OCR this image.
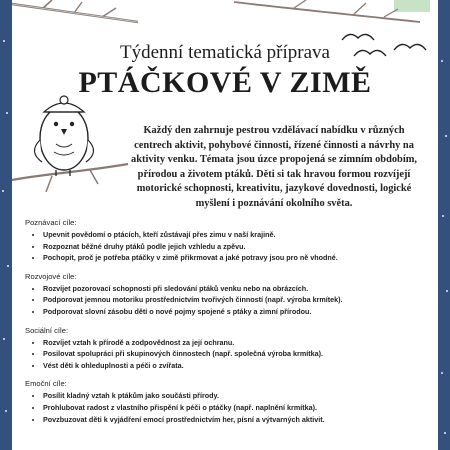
Týdenní tematická příprava

PTÁČKOVÉ V ZIMĚ

Každý den zahrnuje pestrou vzdělávací nabídku v různých centrech aktivit, pohybové činnosti, řízené činnosti a návrhy na aktivity venku. Témata jsou úzce propojená se zimním obdobím, přírodou a životem ptáků. Děti si tak hravou formou rozvíjejí motorické schopnosti, kreativitu, jazykové dovednosti, logické myšlení i poznávání okolního světa.

Poznávací cíle:

• Upevnit povědomí o ptácích, kteří zůstávají přes zimu v naší krajině.
• Rozpoznat běžné druhy ptáků podle jejich vzhledu a zpěvu.
• Pochopit, proč je potřeba ptáčky v zimě přikrmovat a jaké potravy jsou pro ně vhodné.

Rozvojové cíle:

• Rozvíjet pozorovací schopnosti při sledování ptáků venku nebo na obrázcích.
• Podporovat jemnou motoriku prostřednictvím tvořivých činností (např. výroba krmítek).
• Podporovat slovní zásobu dětí o nové pojmy spojené s ptáky a zimní přírodou.

Sociální cíle:

• Rozvíjet vztah k přírodě a zodpovědnost za její ochranu.
• Posilovat spolupráci při skupinových činnostech (např. společná výroba krmítka).
• Vést děti k ohleduplnosti a péči o zvířata.

Emoční cíle:

• Posílit kladný vztah k ptákům jako součásti přírody.
• Prohlubovat radost z vlastního přispění k péči o ptáčky (např. naplnění krmítka).
• Povzbuzovat děti k vyjádření emocí prostřednictvím her, písní a výtvarných aktivit.
